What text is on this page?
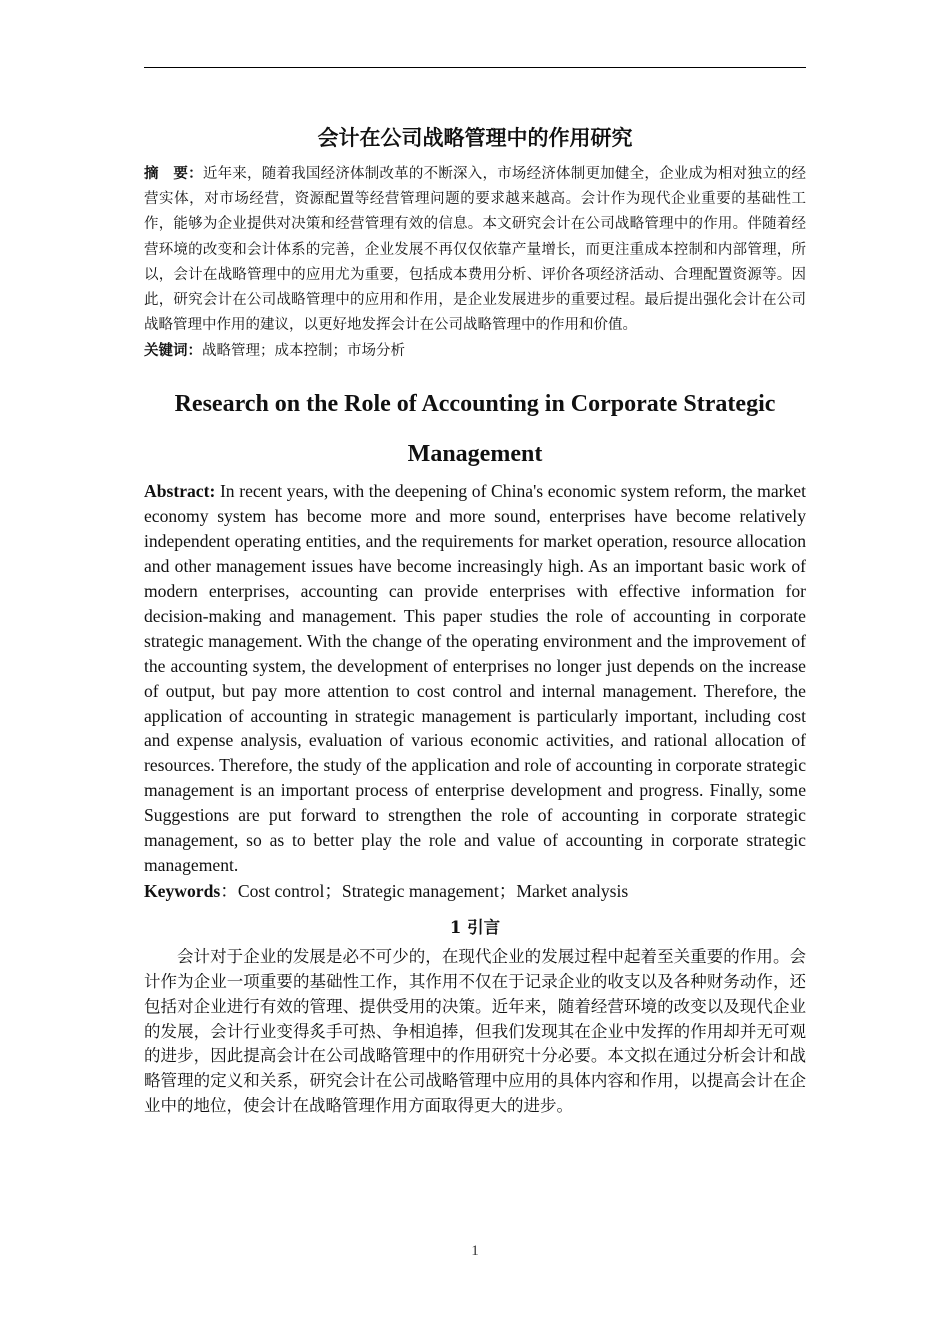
会计在公司战略管理中的作用研究

摘　要：近年来，随着我国经济体制改革的不断深入，市场经济体制更加健全，企业成为相对独立的经营实体，对市场经营，资源配置等经营管理问题的要求越来越高。会计作为现代企业重要的基础性工作，能够为企业提供对决策和经营管理有效的信息。本文研究会计在公司战略管理中的作用。伴随着经营环境的改变和会计体系的完善，企业发展不再仅仅依靠产量增长，而更注重成本控制和内部管理，所以，会计在战略管理中的应用尤为重要，包括成本费用分析、评价各项经济活动、合理配置资源等。因此，研究会计在公司战略管理中的应用和作用，是企业发展进步的重要过程。最后提出强化会计在公司战略管理中作用的建议，以更好地发挥会计在公司战略管理中的作用和价值。

关键词：战略管理；成本控制；市场分析

Research on the Role of Accounting in Corporate Strategic Management

Abstract: In recent years, with the deepening of China's economic system reform, the market economy system has become more and more sound, enterprises have become relatively independent operating entities, and the requirements for market operation, resource allocation and other management issues have become increasingly high. As an important basic work of modern enterprises, accounting can provide enterprises with effective information for decision-making and management. This paper studies the role of accounting in corporate strategic management. With the change of the operating environment and the improvement of the accounting system, the development of enterprises no longer just depends on the increase of output, but pay more attention to cost control and internal management. Therefore, the application of accounting in strategic management is particularly important, including cost and expense analysis, evaluation of various economic activities, and rational allocation of resources. Therefore, the study of the application and role of accounting in corporate strategic management is an important process of enterprise development and progress. Finally, some Suggestions are put forward to strengthen the role of accounting in corporate strategic management, so as to better play the role and value of accounting in corporate strategic management.

Keywords：Cost control；Strategic management；Market analysis

1 引言

会计对于企业的发展是必不可少的，在现代企业的发展过程中起着至关重要的作用。会计作为企业一项重要的基础性工作，其作用不仅在于记录企业的收支以及各种财务动作，还包括对企业进行有效的管理、提供受用的决策。近年来，随着经营环境的改变以及现代企业的发展，会计行业变得炙手可热、争相追捧，但我们发现其在企业中发挥的作用却并无可观的进步，因此提高会计在公司战略管理中的作用研究十分必要。本文拟在通过分析会计和战略管理的定义和关系，研究会计在公司战略管理中应用的具体内容和作用，以提高会计在企业中的地位，使会计在战略管理作用方面取得更大的进步。

1
